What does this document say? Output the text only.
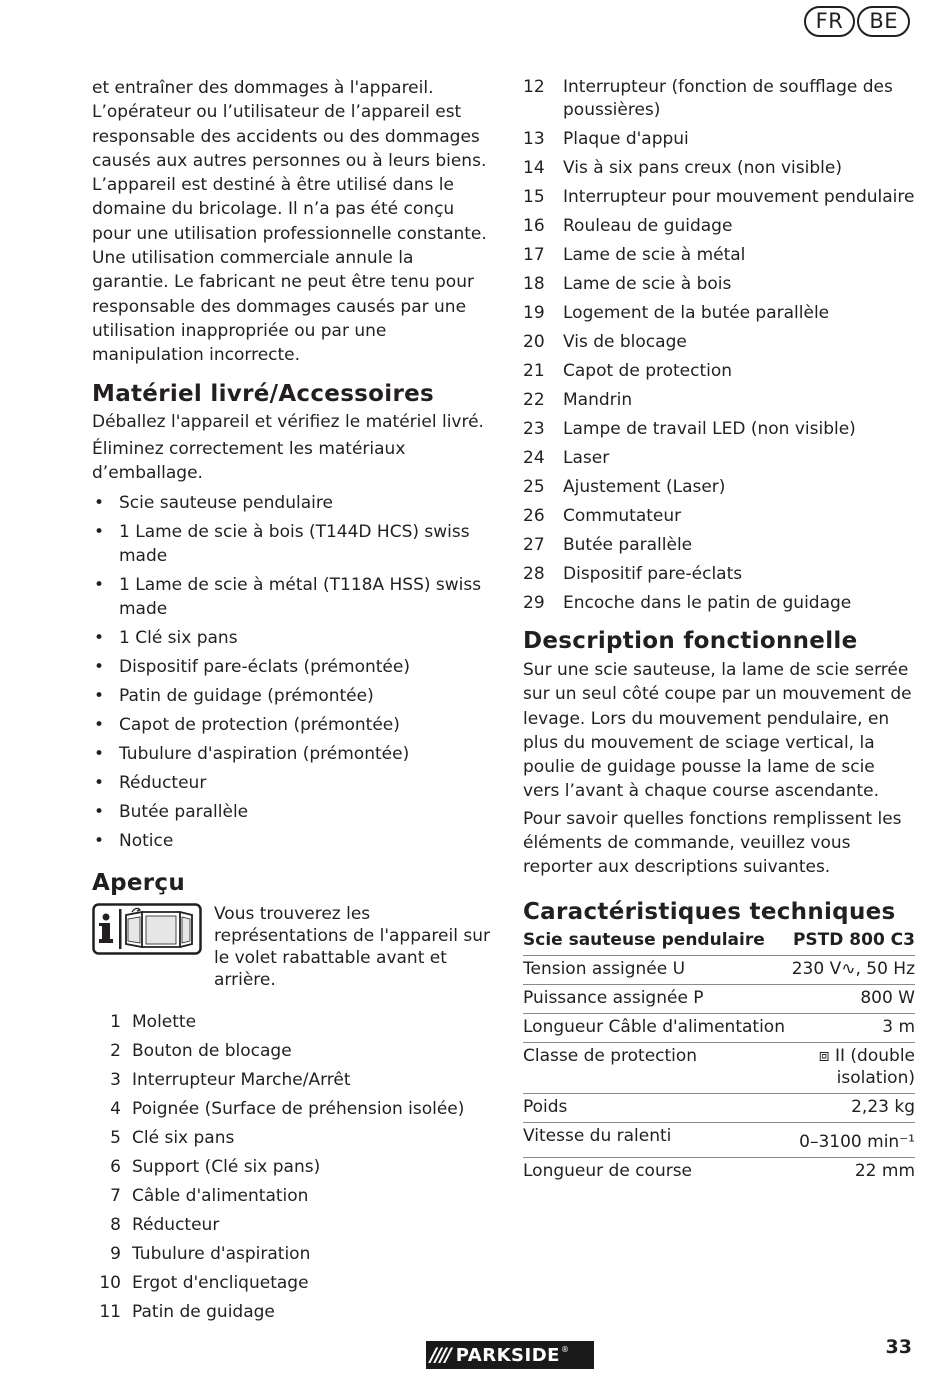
FR	BE

et entraîner des dommages à l'appareil. L’opérateur ou l’utilisateur de l’appareil est responsable des accidents ou des dommages causés aux autres personnes ou à leurs biens. L’appareil est destiné à être utilisé dans le domaine du bricolage. Il n’a pas été conçu pour une utilisation professionnelle constante. Une utilisation commerciale annule la garantie. Le fabricant ne peut être tenu pour responsable des dommages causés par une utilisation inappropriée ou par une manipulation incorrecte.

Matériel livré/Accessoires

Déballez l'appareil et vérifiez le matériel livré.

Éliminez correctement les matériaux d’emballage.

• Scie sauteuse pendulaire
• 1 Lame de scie à bois (T144D HCS) swiss made
• 1 Lame de scie à métal (T118A HSS) swiss made
• 1 Clé six pans
• Dispositif pare-éclats (prémontée)
• Patin de guidage (prémontée)
• Capot de protection (prémontée)
• Tubulure d'aspiration (prémontée)
• Réducteur
• Butée parallèle
• Notice
Aperçu

Vous trouverez les représentations de l'appareil sur le volet rabattable avant et arrière.

1 Molette
2 Bouton de blocage
3 Interrupteur Marche/Arrêt
4 Poignée (Surface de préhension isolée)
5 Clé six pans
6 Support (Clé six pans)
7 Câble d'alimentation
8 Réducteur
9 Tubulure d'aspiration
10 Ergot d'encliquetage
11 Patin de guidage
12	Interrupteur (fonction de soufflage des poussières)
13	Plaque d'appui
14	Vis à six pans creux (non visible)
15	Interrupteur pour mouvement pendulaire
16	Rouleau de guidage
17	Lame de scie à métal
18	Lame de scie à bois
19	Logement de la butée parallèle
20	Vis de blocage
21	Capot de protection
22	Mandrin
23	Lampe de travail LED (non visible)
24	Laser
25	Ajustement (Laser)
26	Commutateur
27	Butée parallèle
28	Dispositif pare-éclats
29	Encoche dans le patin de guidage
Description fonctionnelle

Sur une scie sauteuse, la lame de scie serrée sur un seul côté coupe par un mouvement de levage. Lors du mouvement pendulaire, en plus du mouvement de sciage vertical, la poulie de guidage pousse la lame de scie vers l’avant à chaque course ascendante.

Pour savoir quelles fonctions remplissent les éléments de commande, veuillez vous reporter aux descriptions suivantes.

Caractéristiques techniques
Scie sauteuse pendulaire	PSTD 800 C3
Tension assignée U	230 V∿, 50 Hz
Puissance assignée P	800 W
Longueur Câble d'alimentation	3 m
Classe de protection	⧈ II (double isolation)
Poids	2,23 kg
Vitesse du ralenti	0–3100 min⁻¹
Longueur de course	22 mm
//// PARKSIDE ®	33
